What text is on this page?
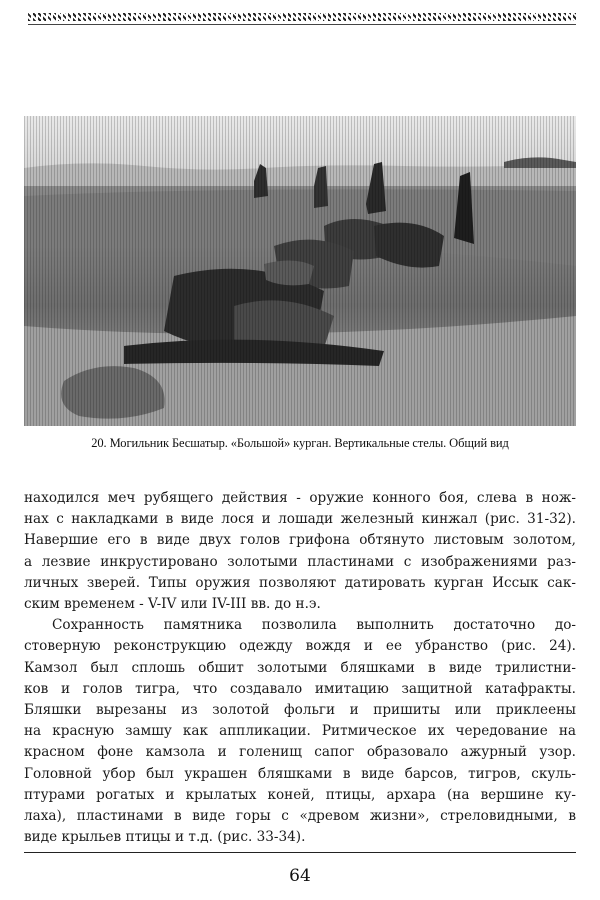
20. Могильник Бесшатыр. «Большой» курган. Вертикальные стелы. Общий вид
находился меч рубящего действия - оружие конного боя, слева в нож-
нах с накладками в виде лося и лошади железный кинжал (рис. 31-32).
Навершие его в виде двух голов грифона обтянуто листовым золотом,
а лезвие инкрустировано золотыми пластинами с изображениями раз-
личных зверей. Типы оружия позволяют датировать курган Иссык сак-
ским временем - V-IV или IV-III вв. до н.э.
Сохранность памятника позволила выполнить достаточно до-
стоверную реконструкцию одежду вождя и ее убранство (рис. 24).
Камзол был сплошь обшит золотыми бляшками в виде трилистни-
ков и голов тигра, что создавало имитацию защитной катафракты.
Бляшки вырезаны из золотой фольги и пришиты или приклеены
на красную замшу как аппликации. Ритмическое их чередование на
красном фоне камзола и голенищ сапог образовало ажурный узор.
Головной убор был украшен бляшками в виде барсов, тигров, скуль-
птурами рогатых и крылатых коней, птицы, архара (на вершине ку-
лаха), пластинами в виде горы с «древом жизни», стреловидными, в
виде крыльев птицы и т.д. (рис. 33-34).
64
